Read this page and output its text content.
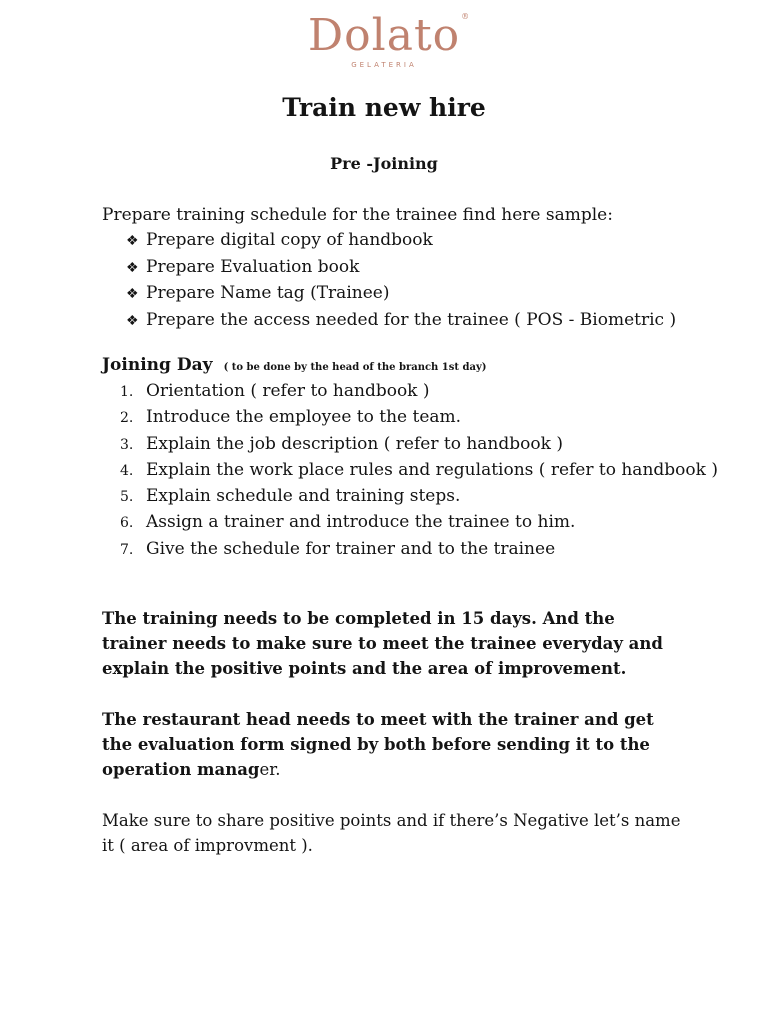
Dolato ®
GELATERIA
Train new hire
Pre -Joining
Prepare training schedule for the trainee find here sample:
❖ Prepare digital copy of handbook
❖ Prepare Evaluation book
❖ Prepare Name tag (Trainee)
❖ Prepare the access needed for the trainee ( POS - Biometric )
Joining Day ( to be done by the head of the branch 1st day)
1. Orientation ( refer to handbook )
2. Introduce the employee to the team.
3. Explain the job description ( refer to handbook )
4. Explain the work place rules and regulations ( refer to handbook )
5. Explain schedule and training steps.
6. Assign a trainer and introduce the trainee to him.
7. Give the schedule for trainer and to the trainee

The training needs to be completed in 15 days. And the trainer needs to make sure to meet the trainee everyday and explain the positive points and the area of improvement.

The restaurant head needs to meet with the trainer and get the evaluation form signed by both before sending it to the operation manager.

Make sure to share positive points and if there’s Negative let’s name it ( area of improvment ).
